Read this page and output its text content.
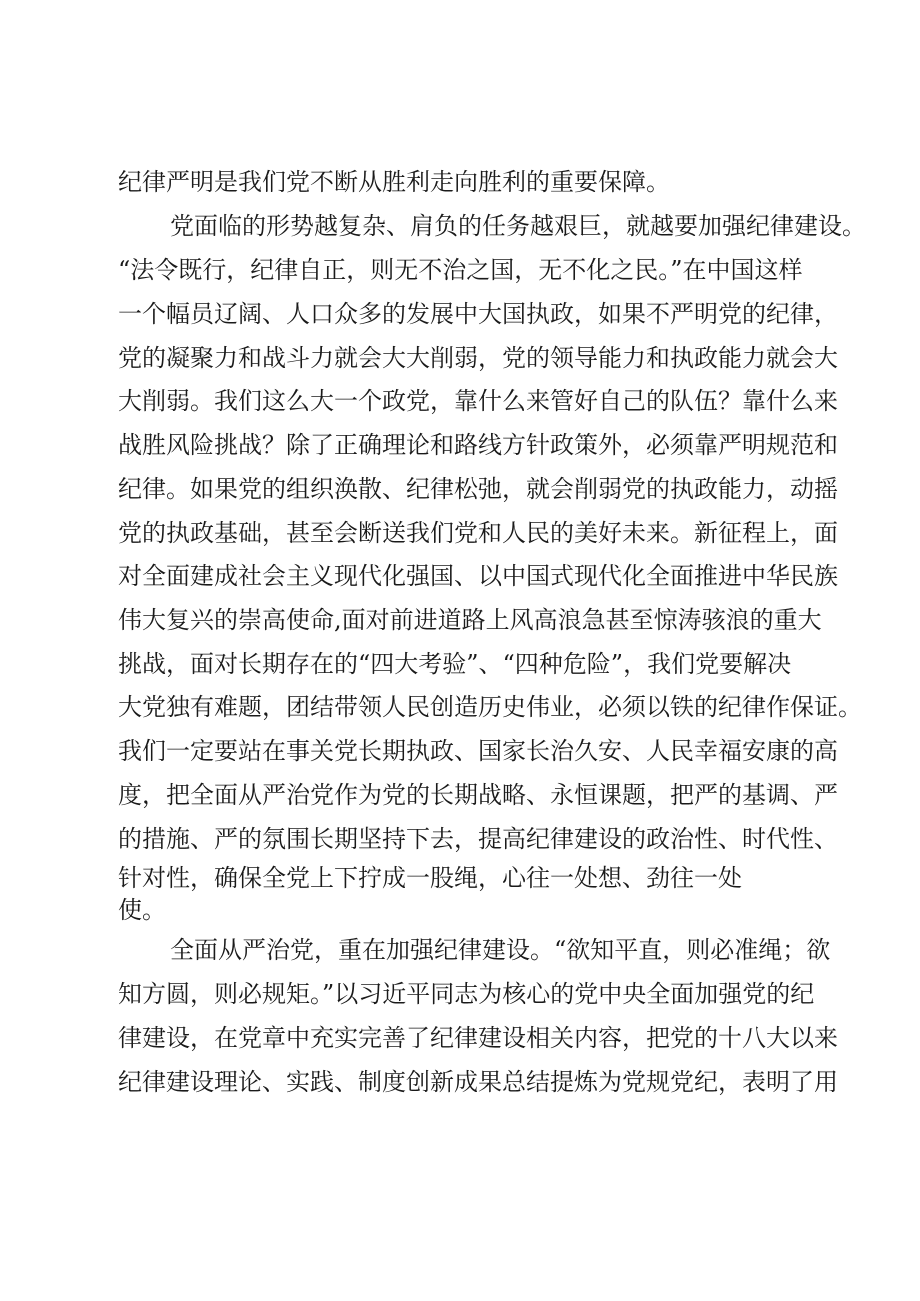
纪律严明是我们党不断从胜利走向胜利的重要保障。
党面临的形势越复杂、肩负的任务越艰巨，就越要加强纪律建设。
“法令既行，纪律自正，则无不治之国，无不化之民。”在中国这样
一个幅员辽阔、人口众多的发展中大国执政，如果不严明党的纪律，
党的凝聚力和战斗力就会大大削弱，党的领导能力和执政能力就会大
大削弱。我们这么大一个政党，靠什么来管好自己的队伍？靠什么来
战胜风险挑战？除了正确理论和路线方针政策外，必须靠严明规范和
纪律。如果党的组织涣散、纪律松弛，就会削弱党的执政能力，动摇
党的执政基础，甚至会断送我们党和人民的美好未来。新征程上，面
对全面建成社会主义现代化强国、以中国式现代化全面推进中华民族
伟大复兴的崇高使命,面对前进道路上风高浪急甚至惊涛骇浪的重大
挑战，面对长期存在的“四大考验”、“四种危险”，我们党要解决
大党独有难题，团结带领人民创造历史伟业，必须以铁的纪律作保证。
我们一定要站在事关党长期执政、国家长治久安、人民幸福安康的高
度，把全面从严治党作为党的长期战略、永恒课题，把严的基调、严
的措施、严的氛围长期坚持下去，提高纪律建设的政治性、时代性、
针对性，确保全党上下拧成一股绳，心往一处想、劲往一处
使。
全面从严治党，重在加强纪律建设。“欲知平直，则必准绳；欲
知方圆，则必规矩。”以习近平同志为核心的党中央全面加强党的纪
律建设，在党章中充实完善了纪律建设相关内容，把党的十八大以来
纪律建设理论、实践、制度创新成果总结提炼为党规党纪，表明了用
